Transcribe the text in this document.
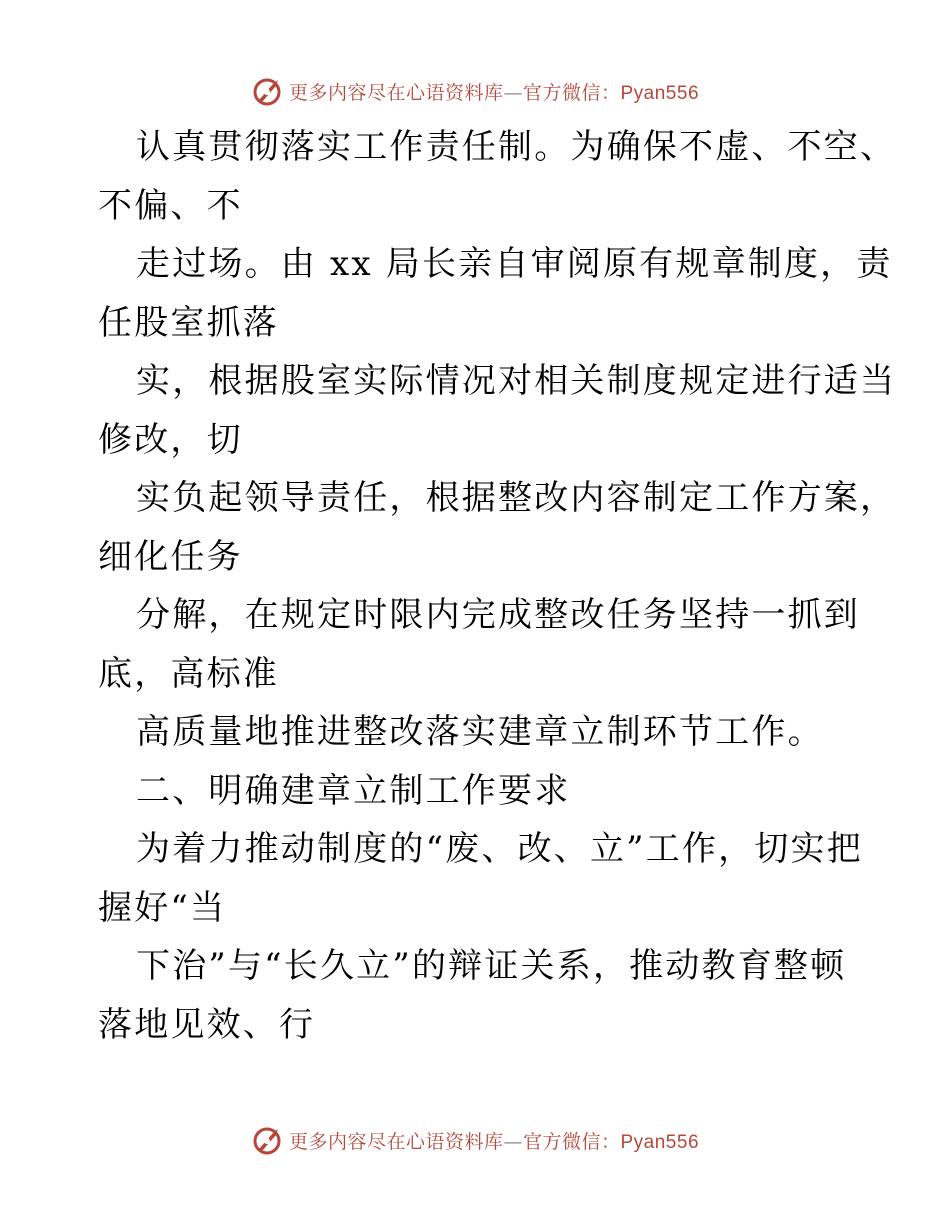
更多内容尽在心语资料库—官方微信：Pyan556
认真贯彻落实工作责任制。为确保不虚、不空、
不偏、不
走过场。由 xx 局长亲自审阅原有规章制度，责
任股室抓落
实，根据股室实际情况对相关制度规定进行适当
修改，切
实负起领导责任，根据整改内容制定工作方案，
细化任务
分解，在规定时限内完成整改任务坚持一抓到
底，高标准
高质量地推进整改落实建章立制环节工作。
二、明确建章立制工作要求
为着力推动制度的“废、改、立”工作，切实把
握好“当
下治”与“长久立”的辩证关系，推动教育整顿
落地见效、行
更多内容尽在心语资料库—官方微信：Pyan556
